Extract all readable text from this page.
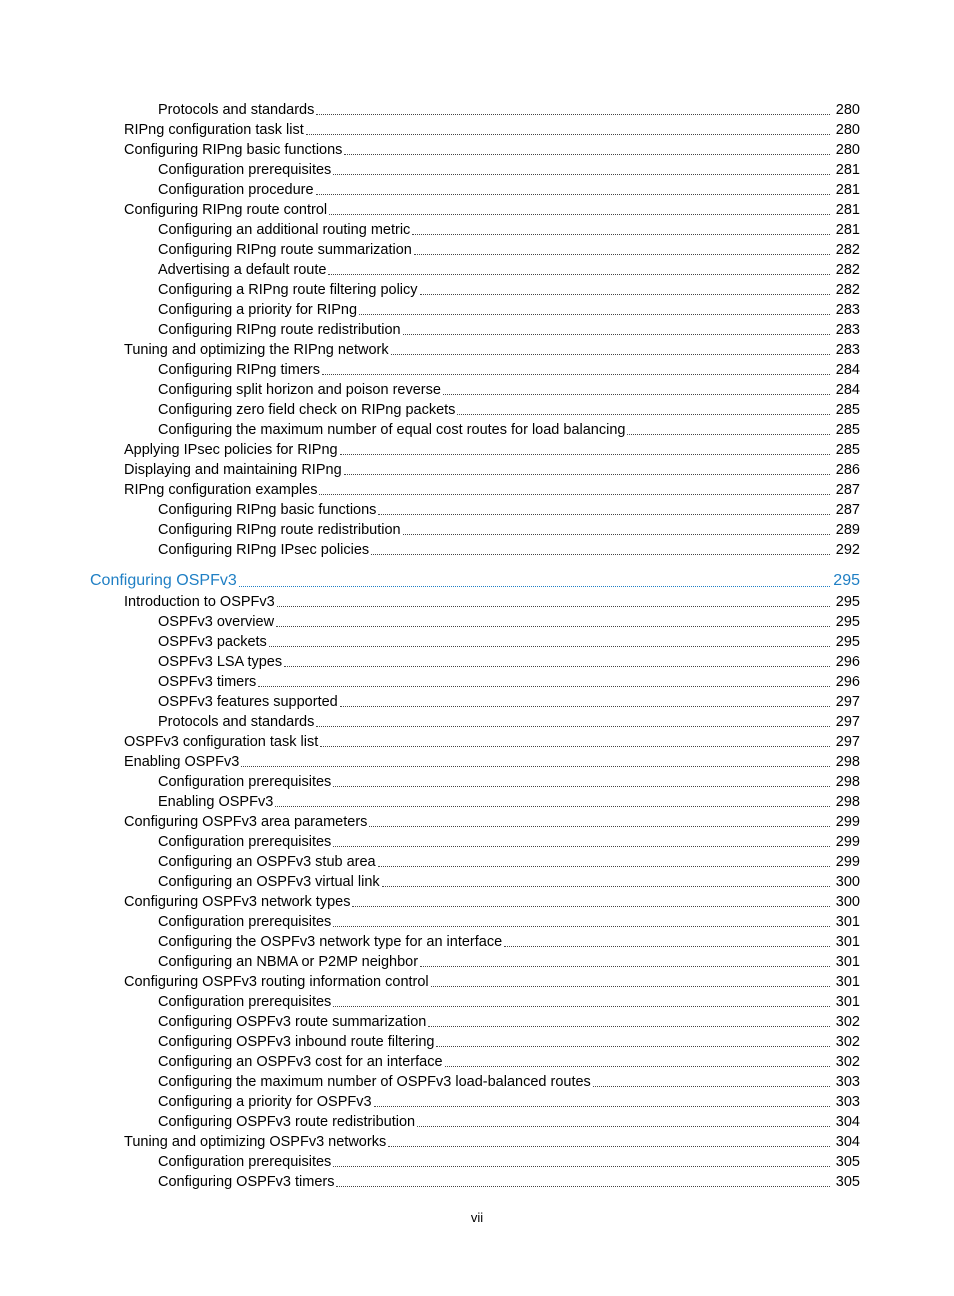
Protocols and standards	280
RIPng configuration task list	280
Configuring RIPng basic functions	280
Configuration prerequisites	281
Configuration procedure	281
Configuring RIPng route control	281
Configuring an additional routing metric	281
Configuring RIPng route summarization	282
Advertising a default route	282
Configuring a RIPng route filtering policy	282
Configuring a priority for RIPng	283
Configuring RIPng route redistribution	283
Tuning and optimizing the RIPng network	283
Configuring RIPng timers	284
Configuring split horizon and poison reverse	284
Configuring zero field check on RIPng packets	285
Configuring the maximum number of equal cost routes for load balancing	285
Applying IPsec policies for RIPng	285
Displaying and maintaining RIPng	286
RIPng configuration examples	287
Configuring RIPng basic functions	287
Configuring RIPng route redistribution	289
Configuring RIPng IPsec policies	292
Configuring OSPFv3	295
Introduction to OSPFv3	295
OSPFv3 overview	295
OSPFv3 packets	295
OSPFv3 LSA types	296
OSPFv3 timers	296
OSPFv3 features supported	297
Protocols and standards	297
OSPFv3 configuration task list	297
Enabling OSPFv3	298
Configuration prerequisites	298
Enabling OSPFv3	298
Configuring OSPFv3 area parameters	299
Configuration prerequisites	299
Configuring an OSPFv3 stub area	299
Configuring an OSPFv3 virtual link	300
Configuring OSPFv3 network types	300
Configuration prerequisites	301
Configuring the OSPFv3 network type for an interface	301
Configuring an NBMA or P2MP neighbor	301
Configuring OSPFv3 routing information control	301
Configuration prerequisites	301
Configuring OSPFv3 route summarization	302
Configuring OSPFv3 inbound route filtering	302
Configuring an OSPFv3 cost for an interface	302
Configuring the maximum number of OSPFv3 load-balanced routes	303
Configuring a priority for OSPFv3	303
Configuring OSPFv3 route redistribution	304
Tuning and optimizing OSPFv3 networks	304
Configuration prerequisites	305
Configuring OSPFv3 timers	305
vii
